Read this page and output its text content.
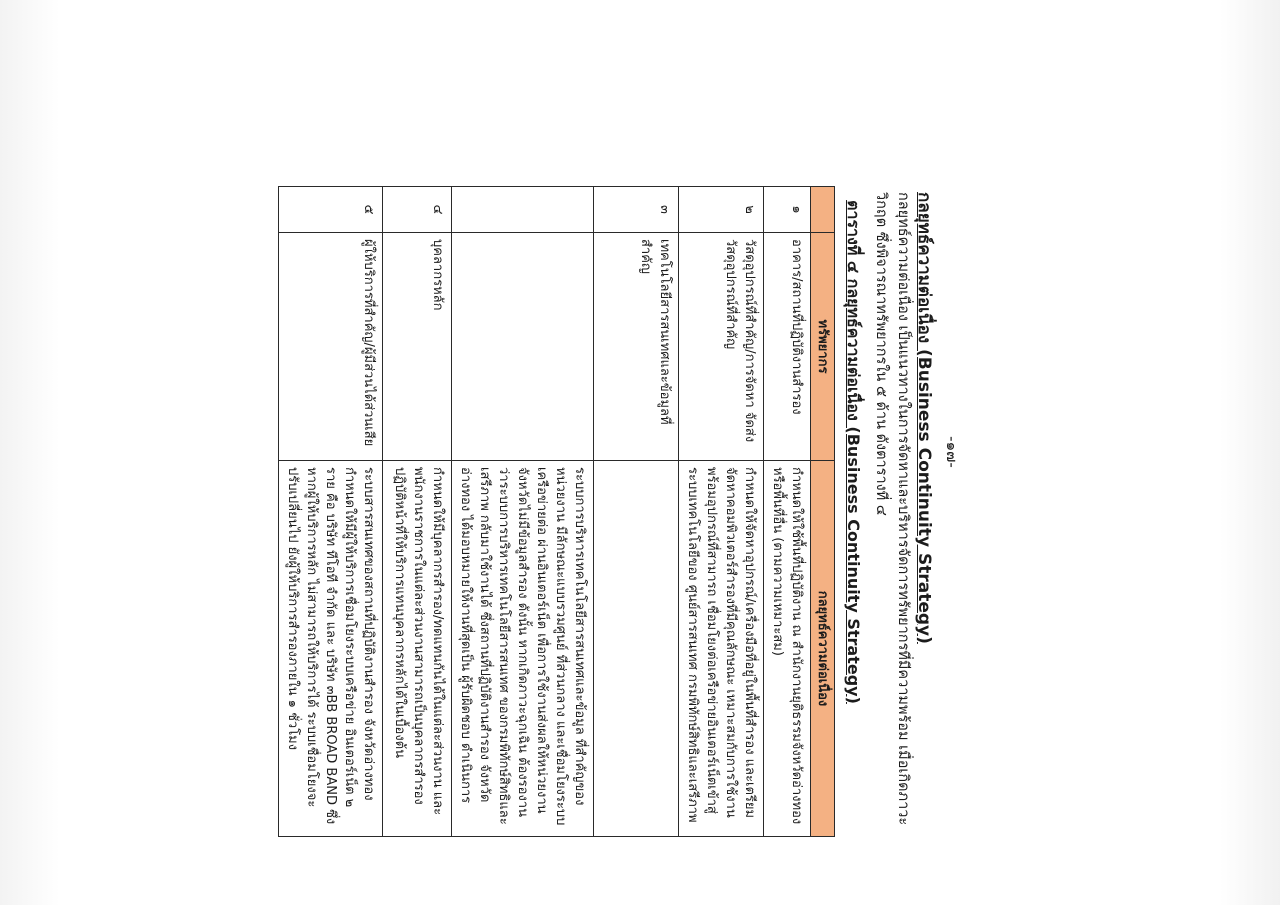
-๑๗-
กลยุทธ์ความต่อเนื่อง (Business Continuity Strategy)
กลยุทธ์ความต่อเนื่อง เป็นแนวทางในการจัดหาและบริหารจัดการทรัพยากรที่มีความพร้อม เมื่อเกิดภาวะวิกฤต ซึ่งพิจารณาทรัพยากรใน ๕ ด้าน ดังตารางที่ ๔
ตารางที่ ๔ กลยุทธ์ความต่อเนื่อง (Business Continuity Strategy)
	ทรัพยากร	กลยุทธ์ความต่อเนื่อง
๑	อาคาร/สถานที่ปฏิบัติงานสำรอง	กำหนดให้ใช้พื้นที่ปฏิบัติงาน ณ สำนักงานยุติธรรมจังหวัดอ่างทอง หรือพื้นที่อื่น (ตามความเหมาะสม)
๒	วัสดุอุปกรณ์ที่สำคัญ/การจัดหา จัดส่งวัสดุอุปกรณ์ที่สำคัญ	กำหนดให้จัดหาอุปกรณ์/เครื่องมือที่อยู่ในพื้นที่สำรอง และเตรียมจัดหาคอมพิวเตอร์สำรองที่มีคุณลักษณะ เหมาะสมกับการใช้งาน พร้อมอุปกรณ์ที่สามารถ เชื่อมโยงต่อเครือข่ายอินเตอร์เน็ตเข้าสู่ระบบเทคโนโลยีของ ศูนย์สารสนเทศ กรมพิทักษ์สิทธิและเสรีภาพ
๓	เทคโนโลยีสารสนเทศและข้อมูลที่สำคัญ	
		ระบบการบริหารเทคโนโลยีสารสนเทศและข้อมูล ที่สำคัญของหน่วยงาน มีลักษณะแบบรวมศูนย์ ที่ส่วนกลาง และเชื่อมโยงระบบเครือข่ายต่อ ผ่านอินเตอร์เน็ต เพื่อการใช้งานส่งผลให้หน่วยงาน จังหวัดไม่มีข้อมูลสำรอง ดังนั้น หากเกิดภาวะฉุกเฉิน ต้องรองานว่าระบบการบริหารเทคโนโลยีสารสนเทศ ของกรมพิทักษ์สิทธิและเสรีภาพ กลับมาใช้งานได้ ซึ่งสถานที่ปฏิบัติงานสำรอง จังหวัดอ่างทอง ได้มอบหมายให้งานที่สุดเป็น ผู้รับผิดชอบ ดำเนินการ
๔	บุคลากรหลัก	กำหนดให้มีบุคลากรสำรอง/ทดแทนกันได้ในแต่ละส่วนงาน และ พนักงานราชการในแต่ละส่วนงานสามารถเป็นบุคลากรสำรอง ปฏิบัติหน้าที่ให้บริการแทนบุคลากรหลักได้ในเบื้องต้น
๕	ผู้ให้บริการที่สำคัญ/ผู้มีส่วนได้ส่วนเสีย	ระบบสารสนเทศของสถานที่ปฏิบัติงานสำรอง จังหวัดอ่างทอง กำหนดให้มีผู้ให้บริการเชื่อมโยงระบบเครือข่าย อินเตอร์เน็ต ๒ ราย คือ บริษัท ทีโอที จำกัด และ บริษัท ๓BB BROAD BAND ซึ่งหากผู้ให้บริการหลัก ไม่สามารถให้บริการได้ ระบบเชื่อมโยงจะปรับเปลี่ยนไป ยังผู้ให้บริการสำรองภายใน ๑ ชั่วโมง
